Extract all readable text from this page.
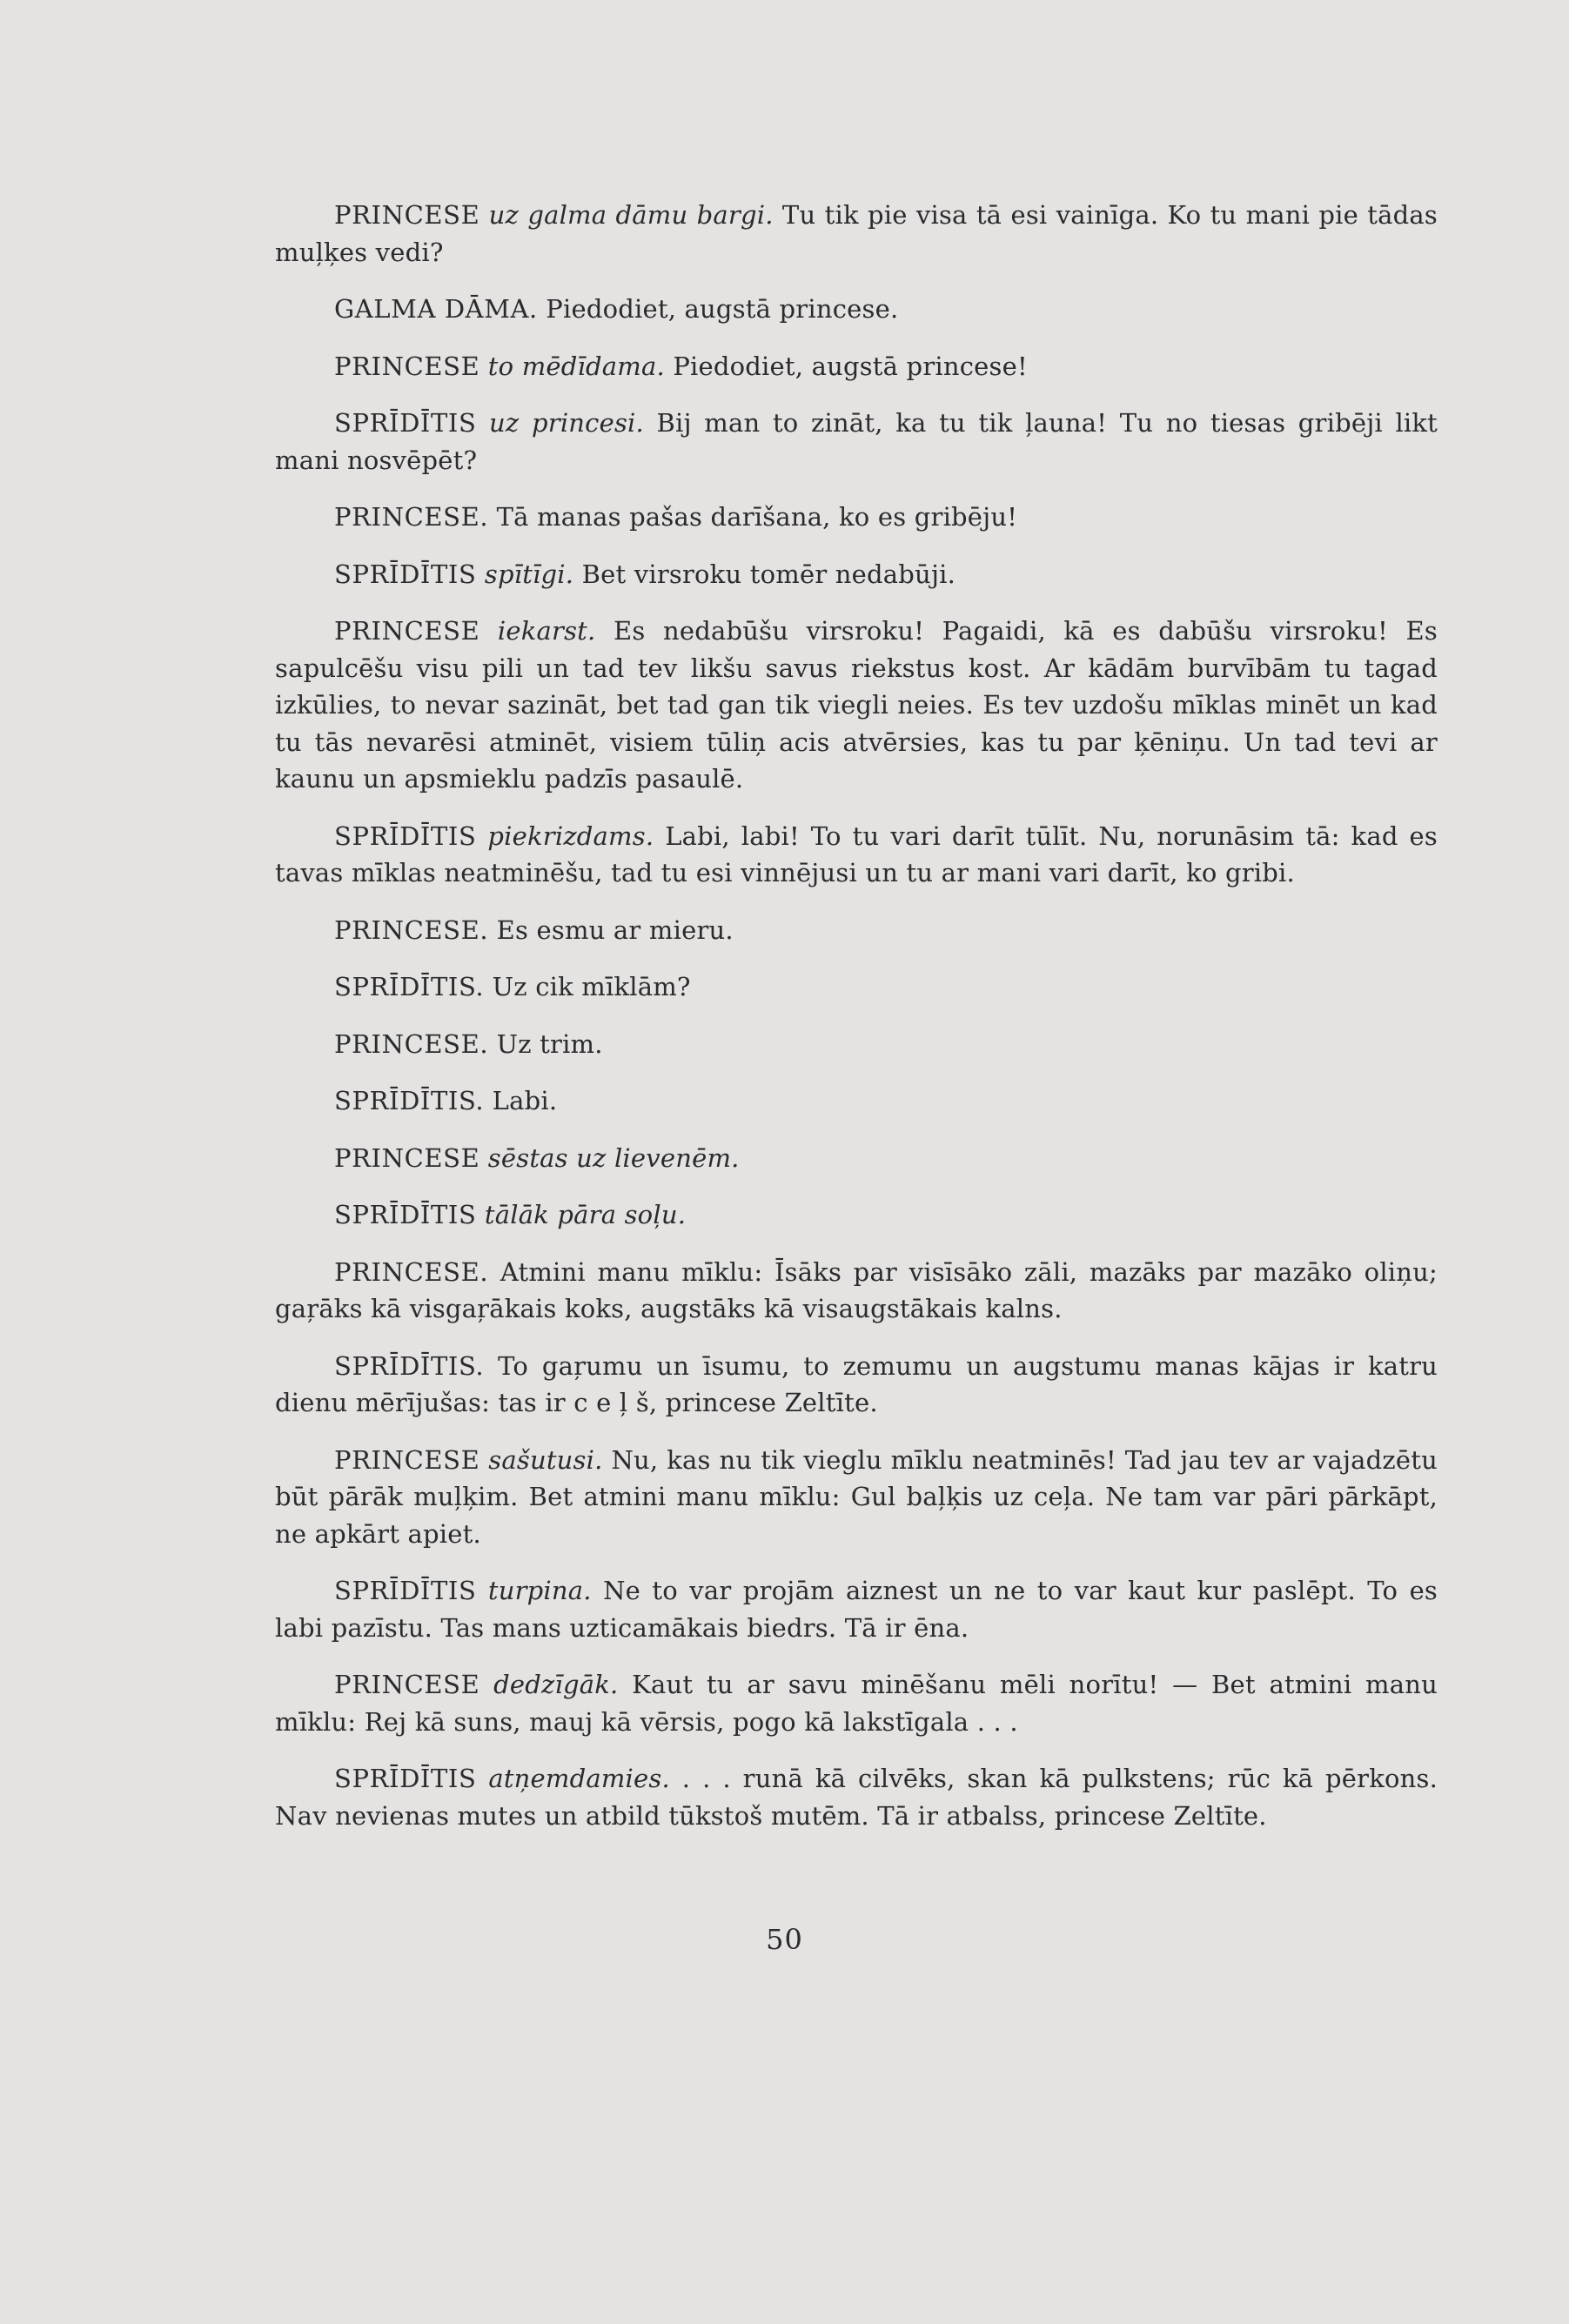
PRINCESE uz galma dāmu bargi. Tu tik pie visa tā esi vainīga. Ko tu mani pie tādas muļķes vedi?

GALMA DĀMA. Piedodiet, augstā princese.

PRINCESE to mēdīdama. Piedodiet, augstā princese!

SPRĪDĪTIS uz princesi. Bij man to zināt, ka tu tik ļauna! Tu no tiesas gribēji likt mani nosvēpēt?

PRINCESE. Tā manas pašas darīšana, ko es gribēju!

SPRĪDĪTIS spītīgi. Bet virsroku tomēr nedabūji.

PRINCESE iekarst. Es nedabūšu virsroku! Pagaidi, kā es dabūšu virsroku! Es sapulcēšu visu pili un tad tev likšu savus riekstus kost. Ar kādām burvībām tu tagad izkūlies, to nevar sazināt, bet tad gan tik viegli neies. Es tev uzdošu mīklas minēt un kad tu tās nevarēsi atminēt, visiem tūliņ acis atvērsies, kas tu par ķēniņu. Un tad tevi ar kaunu un apsmieklu padzīs pasaulē.

SPRĪDĪTIS piekrizdams. Labi, labi! To tu vari darīt tūlīt. Nu, norunāsim tā: kad es tavas mīklas neatminēšu, tad tu esi vinnējusi un tu ar mani vari darīt, ko gribi.

PRINCESE. Es esmu ar mieru.

SPRĪDĪTIS. Uz cik mīklām?

PRINCESE. Uz trim.

SPRĪDĪTIS. Labi.

PRINCESE sēstas uz lievenēm.

SPRĪDĪTIS tālāk pāra soļu.

PRINCESE. Atmini manu mīklu: Īsāks par visīsāko zāli, mazāks par mazāko oliņu; gaŗāks kā visgaŗākais koks, augstāks kā visaugstākais kalns.

SPRĪDĪTIS. To gaŗumu un īsumu, to zemumu un augstumu manas kājas ir katru dienu mērījušas: tas ir c e ļ š, princese Zeltīte.

PRINCESE sašutusi. Nu, kas nu tik vieglu mīklu neatminēs! Tad jau tev ar vajadzētu būt pārāk muļķim. Bet atmini manu mīklu: Gul baļķis uz ceļa. Ne tam var pāri pārkāpt, ne apkārt apiet.

SPRĪDĪTIS turpina. Ne to var projām aiznest un ne to var kaut kur paslēpt. To es labi pazīstu. Tas mans uzticamākais biedrs. Tā ir ēna.

PRINCESE dedzīgāk. Kaut tu ar savu minēšanu mēli norītu! — Bet atmini manu mīklu: Rej kā suns, mauj kā vērsis, pogo kā lakstīgala . . .

SPRĪDĪTIS atņemdamies. . . . runā kā cilvēks, skan kā pulkstens; rūc kā pērkons. Nav nevienas mutes un atbild tūkstoš mutēm. Tā ir atbalss, princese Zeltīte.

50
